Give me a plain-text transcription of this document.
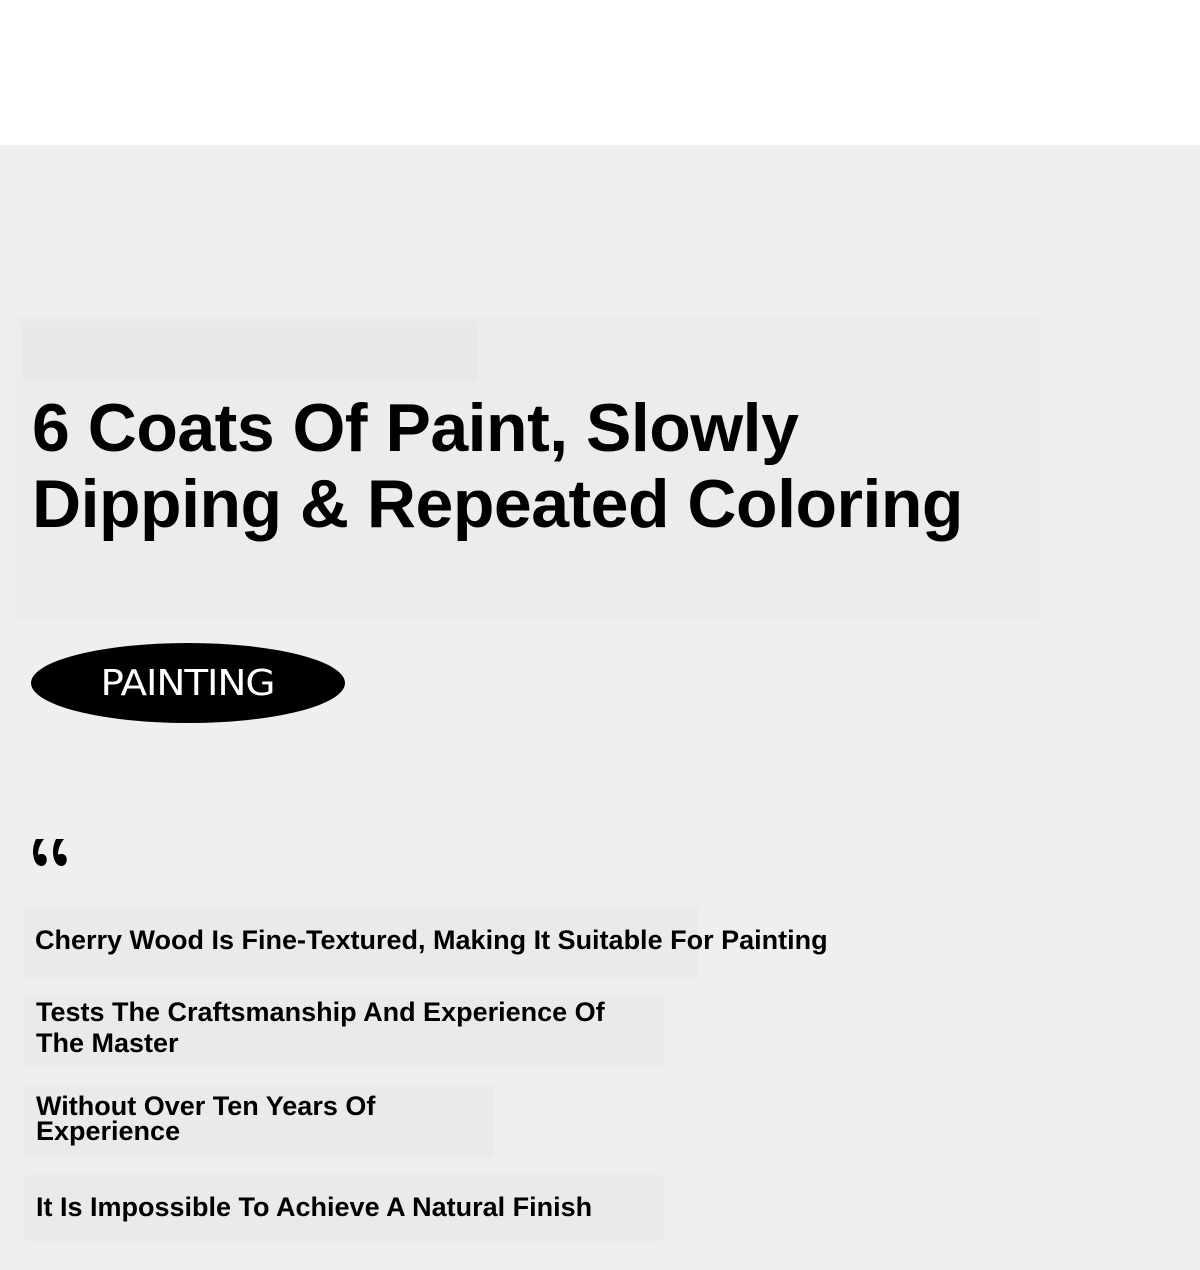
6 Coats Of Paint, Slowly
Dipping & Repeated Coloring
PAINTING

Cherry Wood Is Fine-Textured, Making It Suitable For Painting

Tests The Craftsmanship And Experience Of The Master

Without Over Ten Years Of Experience

It Is Impossible To Achieve A Natural Finish
